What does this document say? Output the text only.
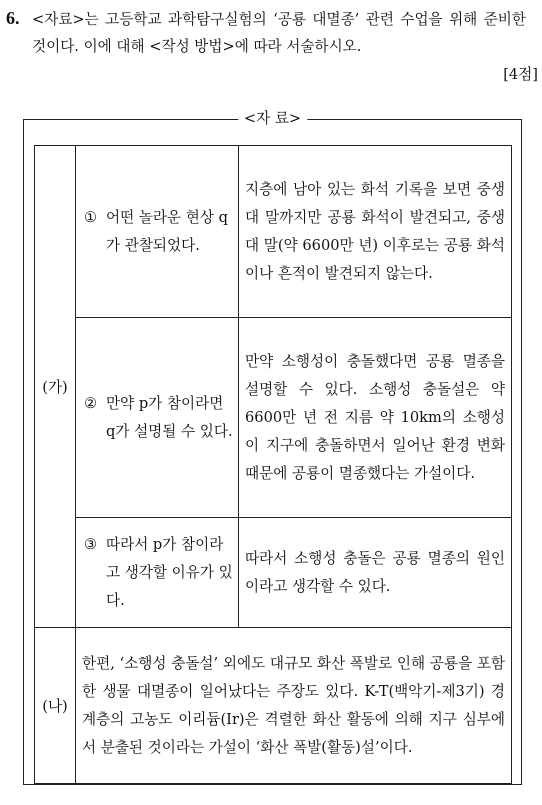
6. <자료>는 고등학교 과학탐구실험의 ‘공룡 대멸종’ 관련 수업을 위해 준비한 것이다. 이에 대해 <작성 방법>에 따라 서술하시오.
[4점]
<자 료>
(가)	① 어떤 놀라운 현상 q가 관찰되었다.	지층에 남아 있는 화석 기록을 보면 중생대 말까지만 공룡 화석이 발견되고, 중생대 말(약 6600만 년) 이후로는 공룡 화석이나 흔적이 발견되지 않는다.

	② 만약 p가 참이라면 q가 설명될 수 있다.	만약 소행성이 충돌했다면 공룡 멸종을 설명할 수 있다. 소행성 충돌설은 약 6600만 년 전 지름 약 10km의 소행성이 지구에 충돌하면서 일어난 환경 변화 때문에 공룡이 멸종했다는 가설이다.

	③ 따라서 p가 참이라고 생각할 이유가 있다.	따라서 소행성 충돌은 공룡 멸종의 원인이라고 생각할 수 있다.
(나)	한편, ‘소행성 충돌설’ 외에도 대규모 화산 폭발로 인해 공룡을 포함한 생물 대멸종이 일어났다는 주장도 있다. K-T(백악기-제3기) 경계층의 고농도 이리듐(Ir)은 격렬한 화산 활동에 의해 지구 심부에서 분출된 것이라는 가설이 ‘화산 폭발(활동)설’이다.	
